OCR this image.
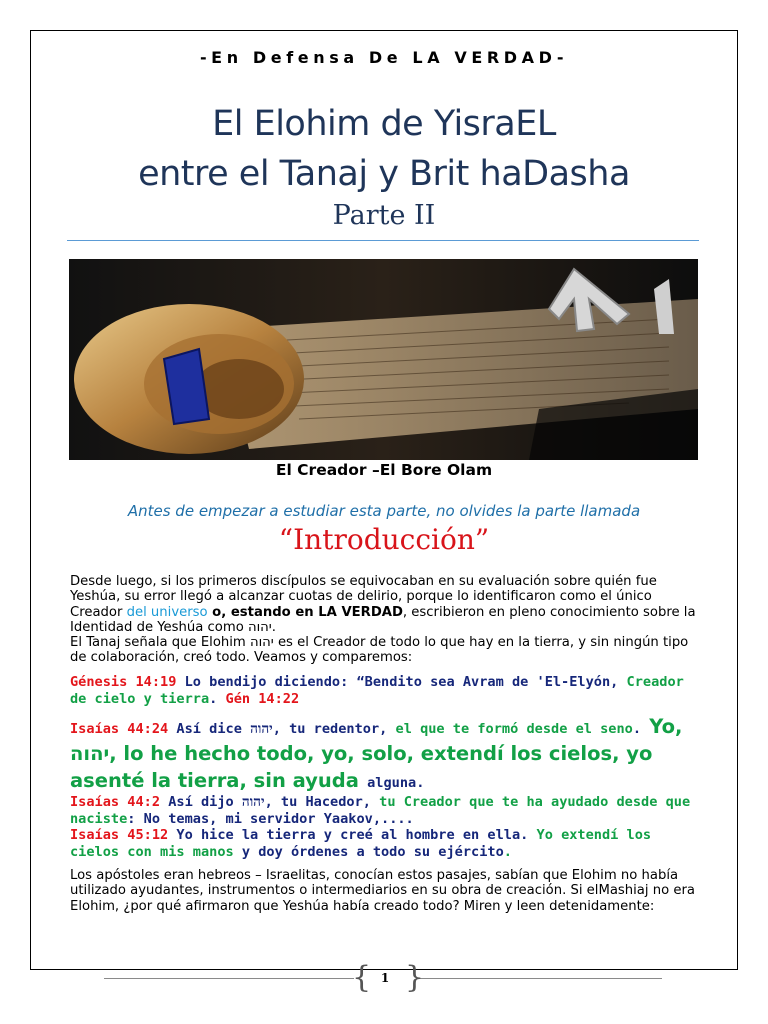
-En Defensa De LA VERDAD-
El Elohim de YisraEL
entre el Tanaj y Brit haDasha
Parte II
El Creador –El Bore Olam
Antes de empezar a estudiar esta parte, no olvides la parte llamada
“Introducción”
Desde luego, si los primeros discípulos se equivocaban en su evaluación sobre quién fue Yeshúa, su error llegó a alcanzar cuotas de delirio, porque lo identificaron como el único Creador del universo o, estando en LA VERDAD, escribieron en pleno conocimiento sobre la Identidad de Yeshúa como יהוה.
El Tanaj señala que Elohim יהוה es el Creador de todo lo que hay en la tierra, y sin ningún tipo de colaboración, creó todo. Veamos y comparemos:
Génesis 14:19 Lo bendijo diciendo: “Bendito sea Avram de 'El-Elyón, Creador de cielo y tierra. Gén 14:22
Isaías 44:24 Así dice יהוה, tu redentor, el que te formó desde el seno. Yo, יהוה, lo he hecho todo, yo, solo, extendí los cielos, yo asenté la tierra, sin ayuda alguna.
Isaías 44:2 Así dijo יהוה, tu Hacedor, tu Creador que te ha ayudado desde que naciste: No temas, mi servidor Yaakov,....
Isaías 45:12 Yo hice la tierra y creé al hombre en ella. Yo extendí los cielos con mis manos y doy órdenes a todo su ejército.
Los apóstoles eran hebreos – Israelitas, conocían estos pasajes, sabían que Elohim no había utilizado ayudantes, instrumentos o intermediarios en su obra de creación. Si elMashiaj no era Elohim, ¿por qué afirmaron que Yeshúa había creado todo? Miren y leen detenidamente:
{ }
1
